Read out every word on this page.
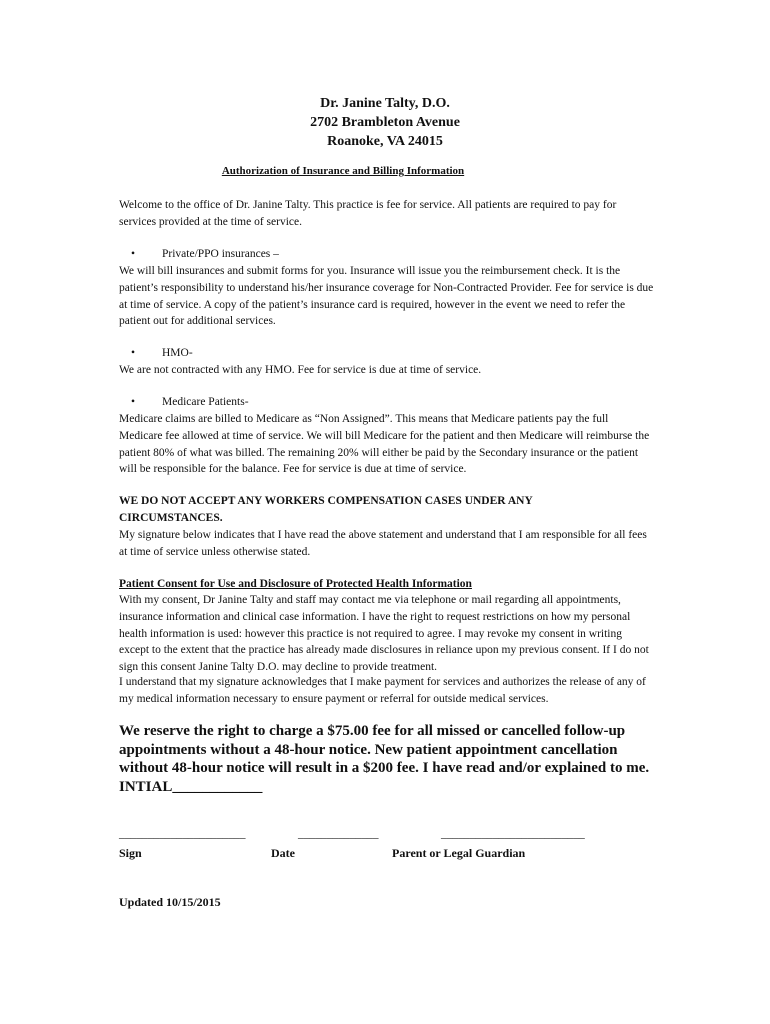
Dr. Janine Talty, D.O.
2702 Brambleton Avenue
Roanoke, VA 24015
Authorization of Insurance and Billing Information
Welcome to the office of Dr. Janine Talty. This practice is fee for service. All patients are required to pay for services provided at the time of service.
• Private/PPO insurances –
We will bill insurances and submit forms for you. Insurance will issue you the reimbursement check. It is the patient’s responsibility to understand his/her insurance coverage for Non-Contracted Provider. Fee for service is due at time of service. A copy of the patient’s insurance card is required, however in the event we need to refer the patient out for additional services.
• HMO-
We are not contracted with any HMO. Fee for service is due at time of service.
• Medicare Patients-
Medicare claims are billed to Medicare as “Non Assigned”. This means that Medicare patients pay the full Medicare fee allowed at time of service. We will bill Medicare for the patient and then Medicare will reimburse the patient 80% of what was billed. The remaining 20% will either be paid by the Secondary insurance or the patient will be responsible for the balance. Fee for service is due at time of service.
WE DO NOT ACCEPT ANY WORKERS COMPENSATION CASES UNDER ANY CIRCUMSTANCES.
My signature below indicates that I have read the above statement and understand that I am responsible for all fees at time of service unless otherwise stated.
Patient Consent for Use and Disclosure of Protected Health Information
With my consent, Dr Janine Talty and staff may contact me via telephone or mail regarding all appointments, insurance information and clinical case information. I have the right to request restrictions on how my personal health information is used: however this practice is not required to agree. I may revoke my consent in writing except to the extent that the practice has already made disclosures in reliance upon my previous consent. If I do not sign this consent Janine Talty D.O. may decline to provide treatment.
I understand that my signature acknowledges that I make payment for services and authorizes the release of any of my medical information necessary to ensure payment or referral for outside medical services.
We reserve the right to charge a $75.00 fee for all missed or cancelled follow-up appointments without a 48-hour notice. New patient appointment cancellation without 48-hour notice will result in a $200 fee. I have read and/or explained to me. INTIAL____________
______________________	______________	_________________________
Sign	Date	Parent or Legal Guardian
Updated 10/15/2015
